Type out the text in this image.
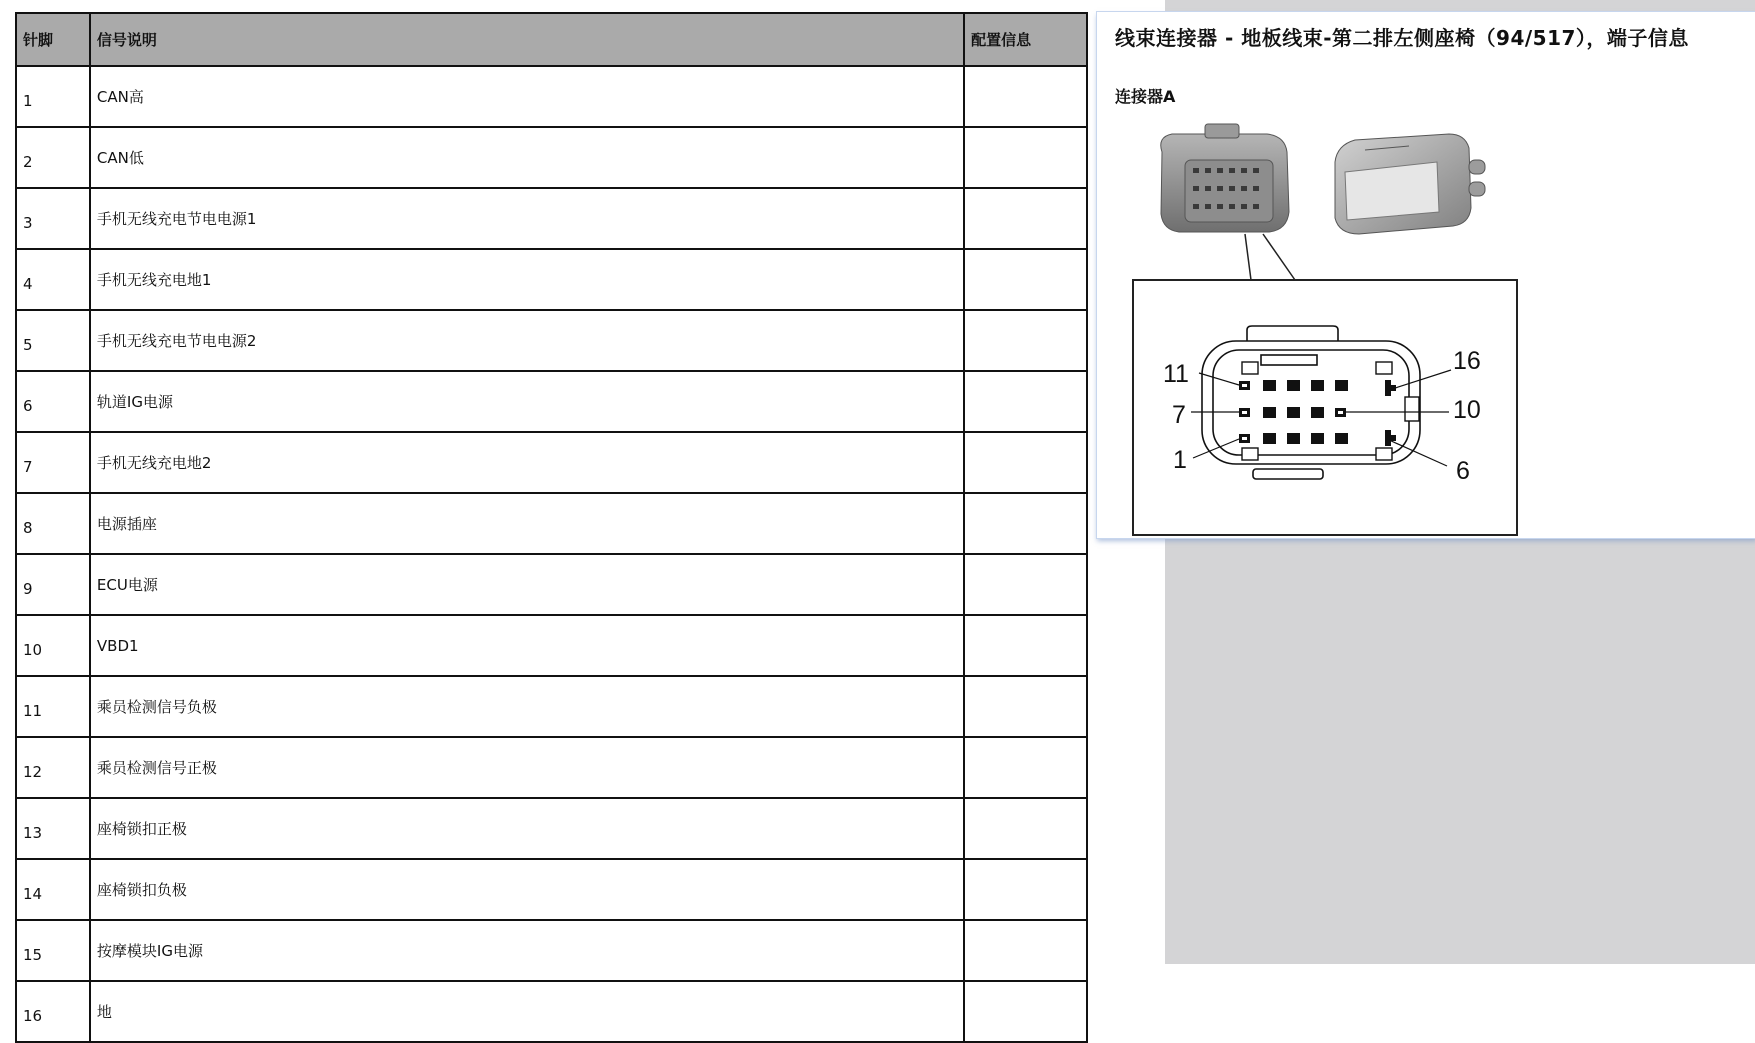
针脚	信号说明	配置信息
1	CAN高	
2	CAN低	
3	手机无线充电节电电源1	
4	手机无线充电地1	
5	手机无线充电节电电源2	
6	轨道IG电源	
7	手机无线充电地2	
8	电源插座	
9	ECU电源	
10	VBD1	
11	乘员检测信号负极	
12	乘员检测信号正极	
13	座椅锁扣正极	
14	座椅锁扣负极	
15	按摩模块IG电源	
16	地	
线束连接器 - 地板线束-第二排左侧座椅（94/517），端子信息
连接器A
11
7
1
16
10
6
